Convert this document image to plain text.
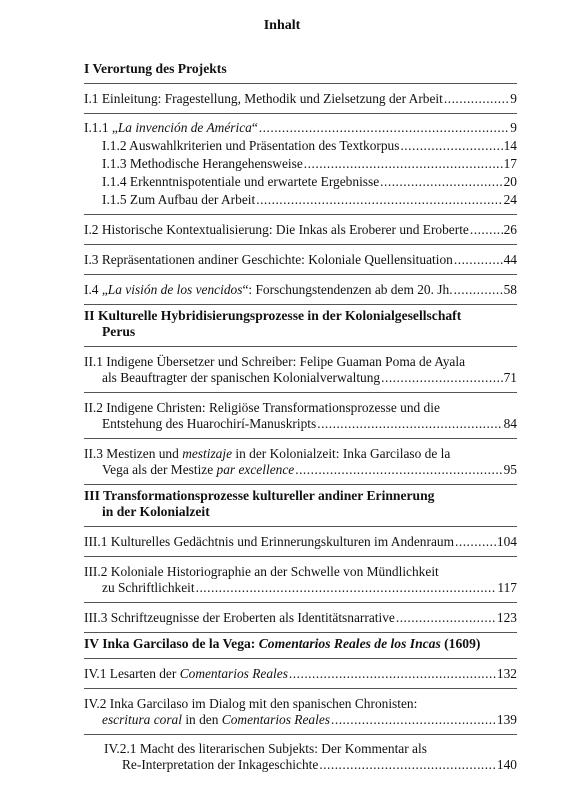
Inhalt
I Verortung des Projekts
I.1 Einleitung: Fragestellung, Methodik und Zielsetzung der Arbeit .....	9
I.1.1 „La invención de América“ .....	9
I.1.2 Auswahlkriterien und Präsentation des Textkorpus .....	14
I.1.3 Methodische Herangehensweise .....	17
I.1.4 Erkenntnispotentiale und erwartete Ergebnisse .....	20
I.1.5 Zum Aufbau der Arbeit .....	24
I.2 Historische Kontextualisierung: Die Inkas als Eroberer und Eroberte .....	26
I.3 Repräsentationen andiner Geschichte: Koloniale Quellensituation .....	44
I.4 „La visión de los vencidos“: Forschungstendenzen ab dem 20. Jh. .....	58
II Kulturelle Hybridisierungsprozesse in der Kolonialgesellschaft
Perus
II.1 Indigene Übersetzer und Schreiber: Felipe Guaman Poma de Ayala
als Beauftragter der spanischen Kolonialverwaltung .....	71
II.2 Indigene Christen: Religiöse Transformationsprozesse und die
Entstehung des Huarochirí-Manuskripts .....	84
II.3 Mestizen und mestizaje in der Kolonialzeit: Inka Garcilaso de la
Vega als der Mestize par excellence .....	95
III Transformationsprozesse kultureller andiner Erinnerung
in der Kolonialzeit
III.1 Kulturelles Gedächtnis und Erinnerungskulturen im Andenraum .....	104
III.2 Koloniale Historiographie an der Schwelle von Mündlichkeit
zu Schriftlichkeit .....	117
III.3 Schriftzeugnisse der Eroberten als Identitätsnarrative .....	123
IV Inka Garcilaso de la Vega: Comentarios Reales de los Incas (1609)
IV.1 Lesarten der Comentarios Reales .....	132
IV.2 Inka Garcilaso im Dialog mit den spanischen Chronisten:
escritura coral in den Comentarios Reales .....	139
IV.2.1 Macht des literarischen Subjekts: Der Kommentar als
Re-Interpretation der Inkageschichte .....	140
